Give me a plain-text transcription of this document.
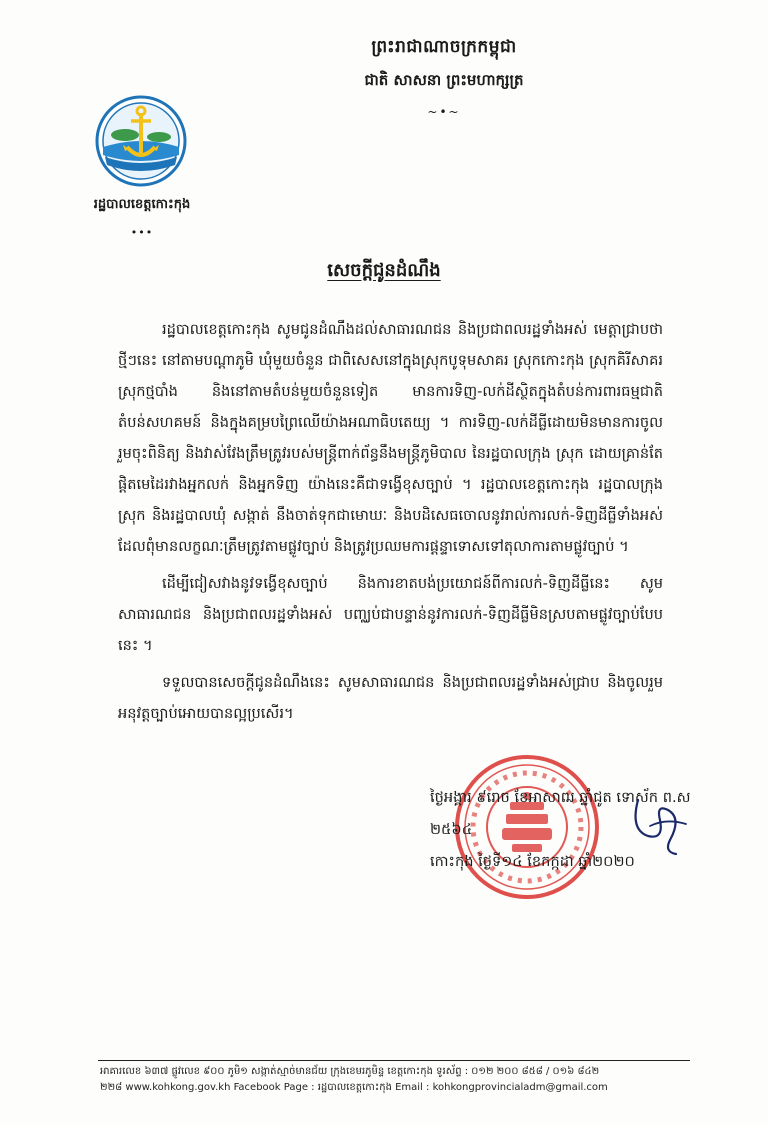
ព្រះរាជាណាចក្រកម្ពុជា
ជាតិ សាសនា ព្រះមហាក្សត្រ
~•~
រដ្ឋបាលខេត្តកោះកុង
•••
សេចក្តីជូនដំណឹង

រដ្ឋបាលខេត្តកោះកុង សូមជូនដំណឹងដល់សាធារណជន និងប្រជាពលរដ្ឋទាំងអស់ មេត្តាជ្រាបថា ថ្មីៗនេះ នៅតាមបណ្តាភូមិ ឃុំមួយចំនួន ជាពិសេសនៅក្នុងស្រុកបូទុមសាគរ ស្រុកកោះកុង ស្រុកគិរីសាគរ ស្រុកថ្មបាំង និងនៅតាមតំបន់មួយចំនួនទៀត មានការទិញ-លក់ដីស្ថិតក្នុងតំបន់ការពារធម្មជាតិ តំបន់សហគមន៍ និងក្នុងគម្របព្រៃឈើយ៉ាងអណាធិបតេយ្យ ។ ការទិញ-លក់ដីធ្លីដោយមិនមានការចូលរួមចុះពិនិត្យ និងវាស់វែងត្រឹមត្រូវរបស់មន្ត្រីពាក់ព័ន្ធនឹងមន្ត្រីភូមិបាល នៃរដ្ឋបាលក្រុង ស្រុក ដោយគ្រាន់តែផ្តិតមេដៃរវាងអ្នកលក់ និងអ្នកទិញ យ៉ាងនេះគឺជាទង្វើខុសច្បាប់ ។ រដ្ឋបាលខេត្តកោះកុង រដ្ឋបាលក្រុង ស្រុក និងរដ្ឋបាលឃុំ សង្កាត់ នឹងចាត់ទុកជាមោឃៈ និងបដិសេធចោលនូវរាល់ការលក់-ទិញដីធ្លីទាំងអស់ ដែលពុំមានលក្ខណៈត្រឹមត្រូវតាមផ្លូវច្បាប់ និងត្រូវប្រឈមការផ្តន្ទាទោសទៅតុលាការតាមផ្លូវច្បាប់ ។

ដើម្បីជៀសវាងនូវទង្វើខុសច្បាប់ និងការខាតបង់ប្រយោជន៍ពីការលក់-ទិញដីធ្លីនេះ សូមសាធារណជន និងប្រជាពលរដ្ឋទាំងអស់ បញ្ឈប់ជាបន្ទាន់នូវការលក់-ទិញដីធ្លីមិនស្របតាមផ្លូវច្បាប់បែបនេះ ។

ទទួលបានសេចក្តីជូនដំណឹងនេះ សូមសាធារណជន និងប្រជាពលរដ្ឋទាំងអស់ជ្រាប និងចូលរួមអនុវត្តច្បាប់អោយបានល្អប្រសើរ។

ថ្ងៃអង្គារ ៩រោច ខែអាសាឍ ឆ្នាំជូត ទោស័ក ព.ស ២៥៦៤
កោះកុង ថ្ងៃទី១៤ ខែកក្កដា ឆ្នាំ២០២០
អាគារលេខ ៦៣៧ ផ្លូវលេខ ៩០០ ភូមិ១ សង្កាត់ស្មាច់មានជ័យ ក្រុងខេមរភូមិន្ទ ខេត្តកោះកុង ទូរស័ព្ទ : ០១២ ២០០ ៨៥៨ / ០១៦ ៨៤២
២២៨ www.kohkong.gov.kh Facebook Page : រដ្ឋបាលខេត្តកោះកុង Email : kohkongprovincialadm@gmail.com
